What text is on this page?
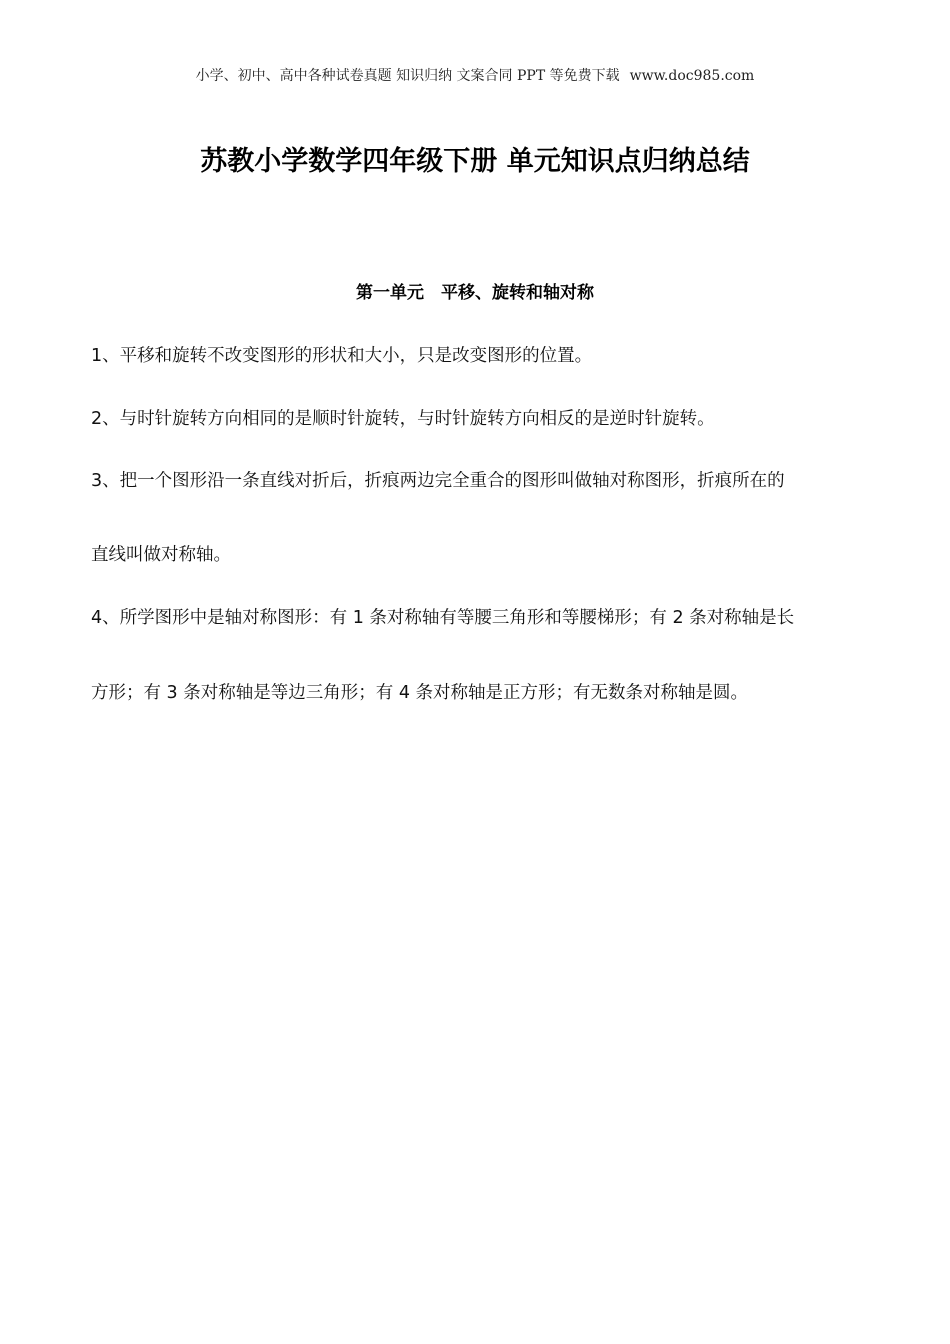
小学、初中、高中各种试卷真题 知识归纳 文案合同 PPT 等免费下载 www.doc985.com
苏教小学数学四年级下册 单元知识点归纳总结
第一单元　平移、旋转和轴对称

1、平移和旋转不改变图形的形状和大小，只是改变图形的位置。

2、与时针旋转方向相同的是顺时针旋转，与时针旋转方向相反的是逆时针旋转。

3、把一个图形沿一条直线对折后，折痕两边完全重合的图形叫做轴对称图形，折痕所在的

直线叫做对称轴。

4、所学图形中是轴对称图形：有 1 条对称轴有等腰三角形和等腰梯形；有 2 条对称轴是长

方形；有 3 条对称轴是等边三角形；有 4 条对称轴是正方形；有无数条对称轴是圆。
